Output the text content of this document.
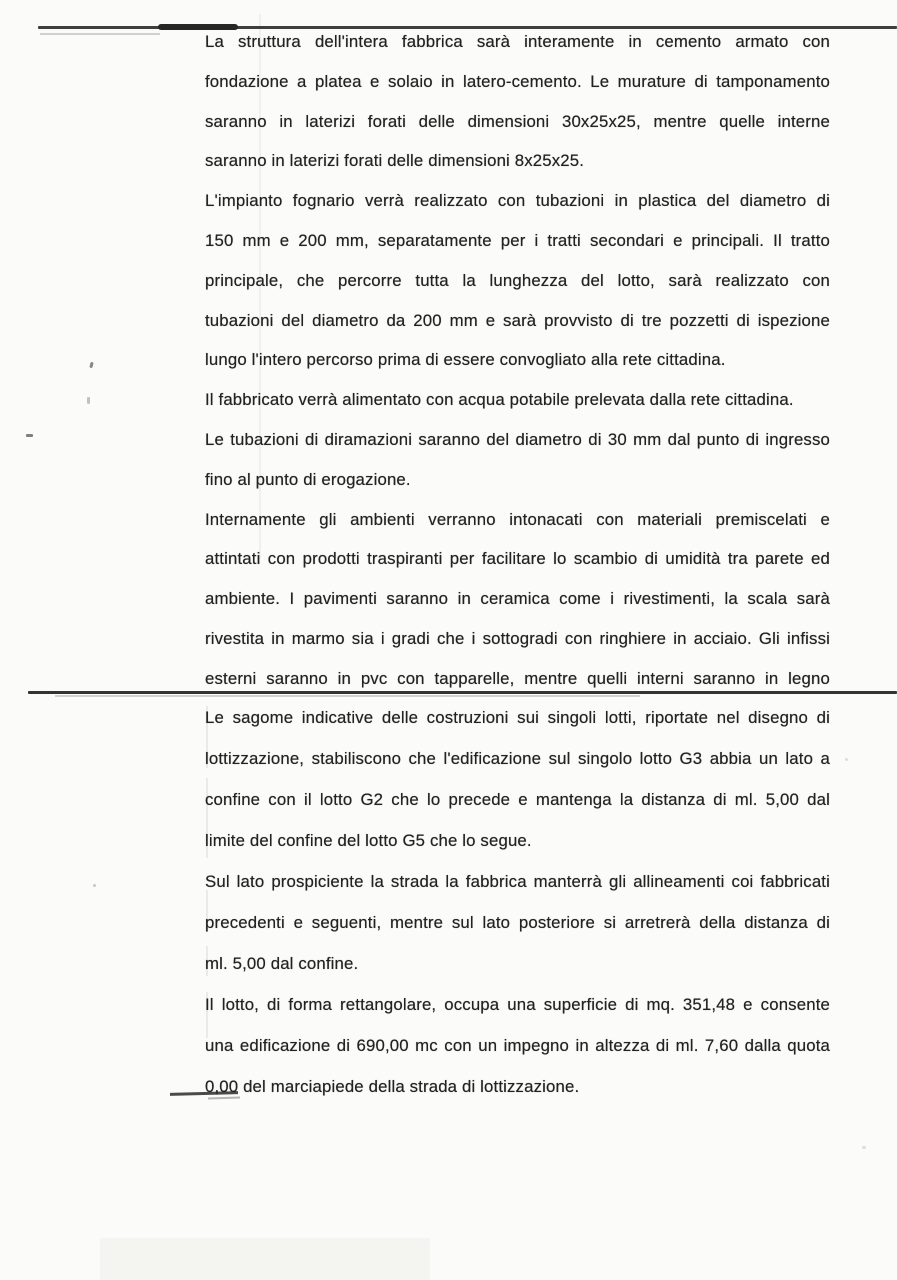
La struttura dell'intera fabbrica sarà interamente in cemento armato con
fondazione a platea e solaio in latero-cemento. Le murature di tamponamento
saranno in laterizi forati delle dimensioni 30x25x25, mentre quelle interne
saranno in laterizi forati delle dimensioni 8x25x25.
L'impianto fognario verrà realizzato con tubazioni in plastica del diametro di
150 mm e 200 mm, separatamente per i tratti secondari e principali. Il tratto
principale, che percorre tutta la lunghezza del lotto, sarà realizzato con
tubazioni del diametro da 200 mm e sarà provvisto di tre pozzetti di ispezione
lungo l'intero percorso prima di essere convogliato alla rete cittadina.
Il fabbricato verrà alimentato con acqua potabile prelevata dalla rete cittadina.
Le tubazioni di diramazioni saranno del diametro di 30 mm dal punto di ingresso
fino al punto di erogazione.
Internamente gli ambienti verranno intonacati con materiali premiscelati e
attintati con prodotti traspiranti per facilitare lo scambio di umidità tra parete ed
ambiente. I pavimenti saranno in ceramica come i rivestimenti, la scala sarà
rivestita in marmo sia i gradi che i sottogradi con ringhiere in acciaio. Gli infissi
esterni saranno in pvc con tapparelle, mentre quelli interni saranno in legno
Le sagome indicative delle costruzioni sui singoli lotti, riportate nel disegno di
lottizzazione, stabiliscono che l'edificazione sul singolo lotto G3 abbia un lato a
confine con il lotto G2 che lo precede e mantenga la distanza di ml. 5,00 dal
limite del confine del lotto G5 che lo segue.
Sul lato prospiciente la strada la fabbrica manterrà gli allineamenti coi fabbricati
precedenti e seguenti, mentre sul lato posteriore si arretrerà della distanza di
ml. 5,00 dal confine.
Il lotto, di forma rettangolare, occupa una superficie di mq. 351,48 e consente
una edificazione di 690,00 mc con un impegno in altezza di ml. 7,60 dalla quota
0,00 del marciapiede della strada di lottizzazione.
